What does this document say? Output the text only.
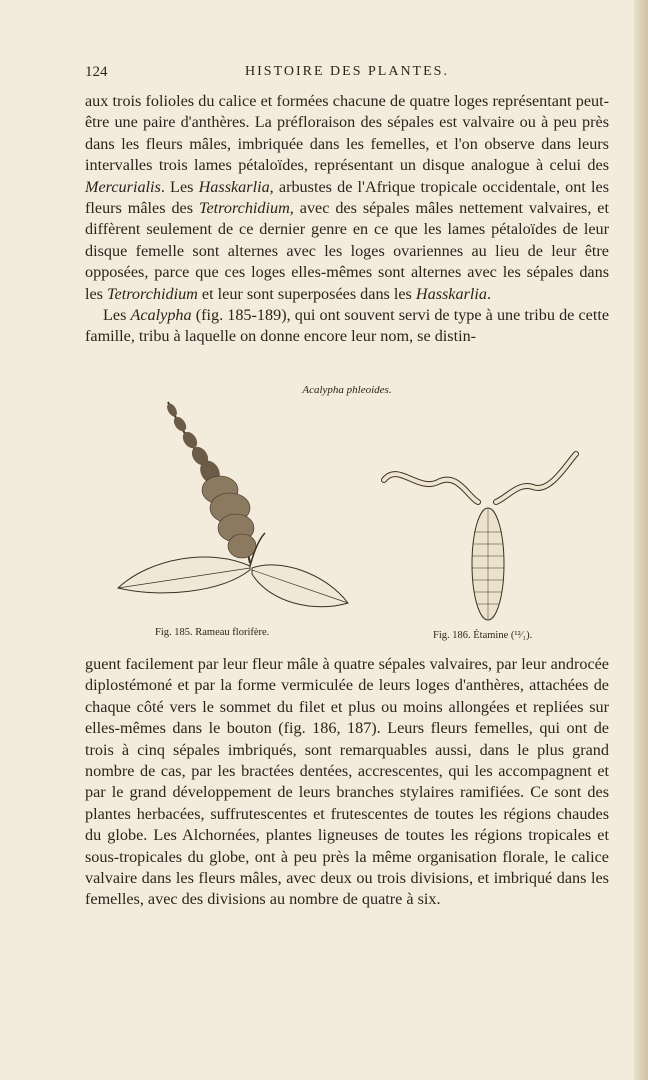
124	HISTOIRE DES PLANTES.

aux trois folioles du calice et formées chacune de quatre loges représentant peut-être une paire d'anthères. La préfloraison des sépales est valvaire ou à peu près dans les fleurs mâles, imbriquée dans les femelles, et l'on observe dans leurs intervalles trois lames pétaloïdes, représentant un disque analogue à celui des Mercurialis. Les Hasskarlia, arbustes de l'Afrique tropicale occidentale, ont les fleurs mâles des Tetrorchidium, avec des sépales mâles nettement valvaires, et diffèrent seulement de ce dernier genre en ce que les lames pétaloïdes de leur disque femelle sont alternes avec les loges ovariennes au lieu de leur être opposées, parce que ces loges elles-mêmes sont alternes avec les sépales dans les Tetrorchidium et leur sont superposées dans les Hasskarlia.

Les Acalypha (fig. 185-189), qui ont souvent servi de type à une tribu de cette famille, tribu à laquelle on donne encore leur nom, se distin-

Acalypha phleoides.
Fig. 185. Rameau florifère.	Fig. 186. Étamine (¹²⁄₁).

guent facilement par leur fleur mâle à quatre sépales valvaires, par leur androcée diplostémoné et par la forme vermiculée de leurs loges d'anthères, attachées de chaque côté vers le sommet du filet et plus ou moins allongées et repliées sur elles-mêmes dans le bouton (fig. 186, 187). Leurs fleurs femelles, qui ont de trois à cinq sépales imbriqués, sont remarquables aussi, dans le plus grand nombre de cas, par les bractées dentées, accrescentes, qui les accompagnent et par le grand développement de leurs branches stylaires ramifiées. Ce sont des plantes herbacées, suffrutescentes et frutescentes de toutes les régions chaudes du globe. Les Alchornées, plantes ligneuses de toutes les régions tropicales et sous-tropicales du globe, ont à peu près la même organisation florale, le calice valvaire dans les fleurs mâles, avec deux ou trois divisions, et imbriqué dans les femelles, avec des divisions au nombre de quatre à six.
